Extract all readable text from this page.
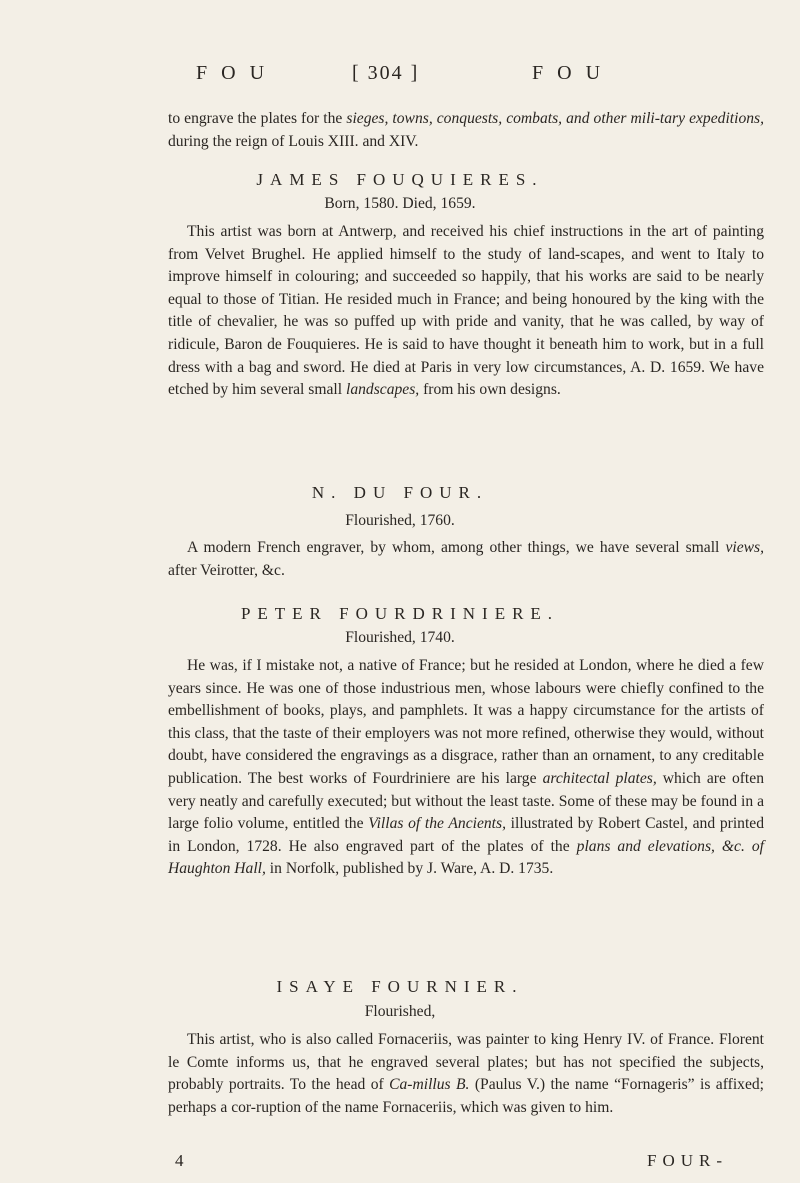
FOU	[ 304 ]	FOU
to engrave the plates for the sieges, towns, conquests, combats, and other mili-tary expeditions, during the reign of Louis XIII. and XIV.
JAMES FOUQUIERES.
Born, 1580. Died, 1659.
This artist was born at Antwerp, and received his chief instructions in the art of painting from Velvet Brughel. He applied himself to the study of land-scapes, and went to Italy to improve himself in colouring; and succeeded so happily, that his works are said to be nearly equal to those of Titian. He resided much in France; and being honoured by the king with the title of chevalier, he was so puffed up with pride and vanity, that he was called, by way of ridicule, Baron de Fouquieres. He is said to have thought it beneath him to work, but in a full dress with a bag and sword. He died at Paris in very low circumstances, A. D. 1659. We have etched by him several small landscapes, from his own designs.
N. DU FOUR.
Flourished, 1760.
A modern French engraver, by whom, among other things, we have several small views, after Veirotter, &c.
PETER FOURDRINIERE.
Flourished, 1740.
He was, if I mistake not, a native of France; but he resided at London, where he died a few years since. He was one of those industrious men, whose labours were chiefly confined to the embellishment of books, plays, and pamphlets. It was a happy circumstance for the artists of this class, that the taste of their employers was not more refined, otherwise they would, without doubt, have considered the engravings as a disgrace, rather than an ornament, to any creditable publication. The best works of Fourdriniere are his large architectal plates, which are often very neatly and carefully executed; but without the least taste. Some of these may be found in a large folio volume, entitled the Villas of the Ancients, illustrated by Robert Castel, and printed in London, 1728. He also engraved part of the plates of the plans and elevations, &c. of Haughton Hall, in Norfolk, published by J. Ware, A. D. 1735.
ISAYE FOURNIER.
Flourished,
This artist, who is also called Fornaceriis, was painter to king Henry IV. of France. Florent le Comte informs us, that he engraved several plates; but has not specified the subjects, probably portraits. To the head of Ca-millus B. (Paulus V.) the name “Fornageris” is affixed; perhaps a cor-ruption of the name Fornaceriis, which was given to him.
4	FOUR-
